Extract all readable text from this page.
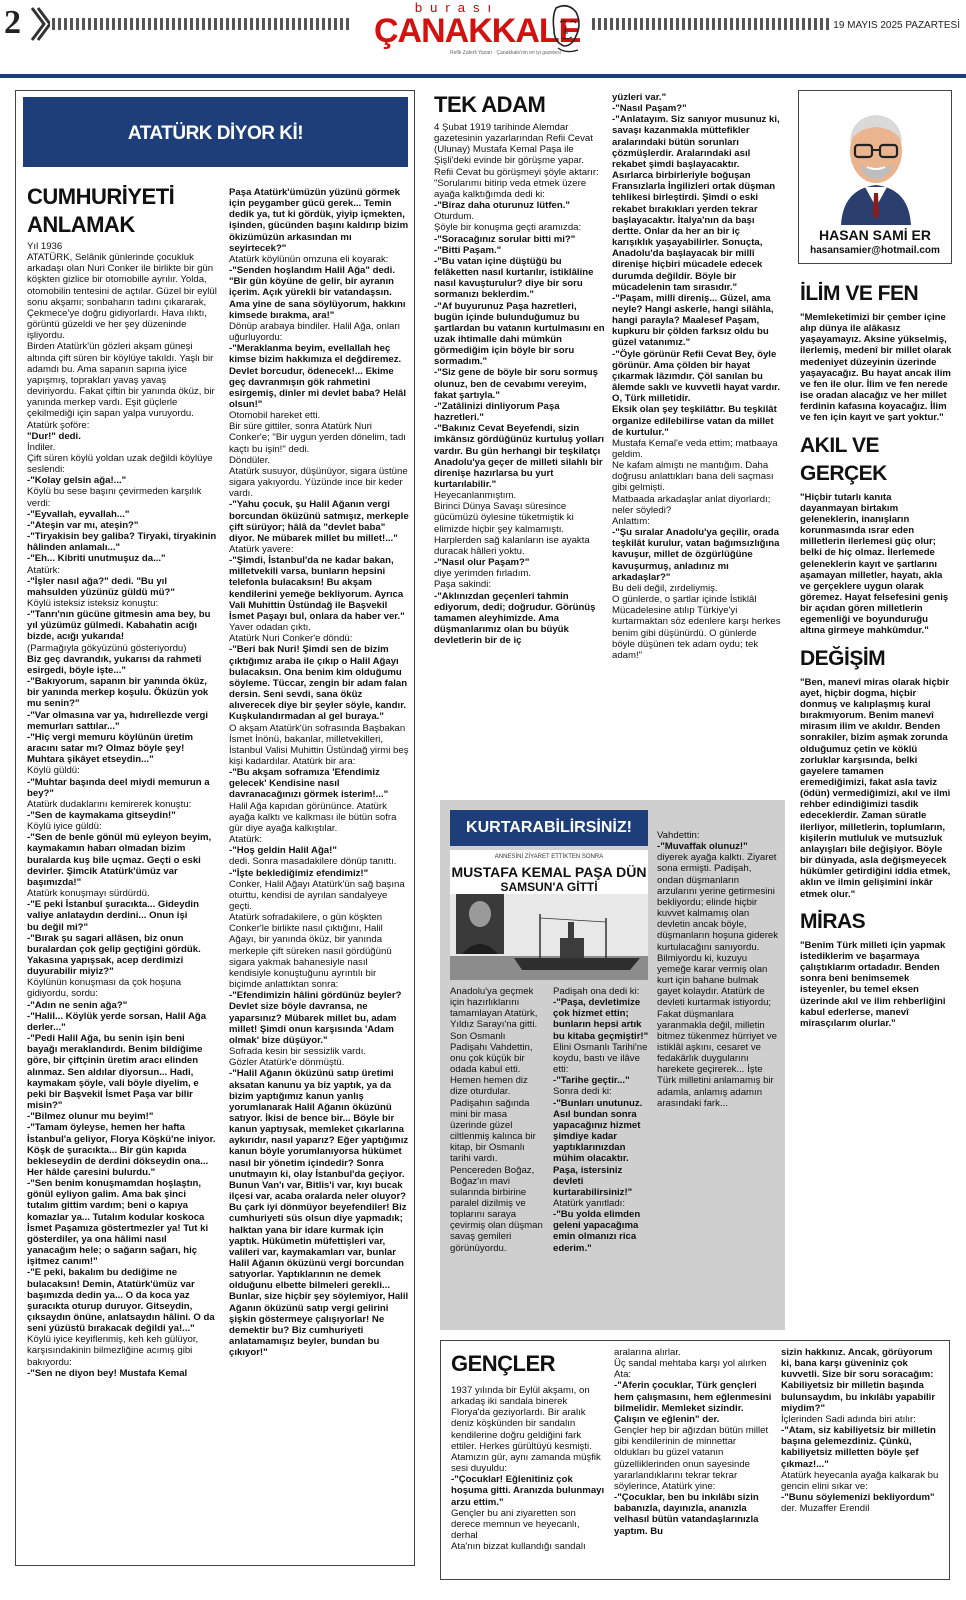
2	burası
ÇANAKKALE
Refik Zaferli Yazarı · Çanakkale'nin en iyi gazetesi
19 MAYIS 2025 PAZARTESİ
ATATÜRK DİYOR Kİ!
CUMHURİYETİ
ANLAMAK

Yıl 1936

ATATÜRK, Selânik günlerinde çocukluk arkadaşı olan Nuri Conker ile birlikte bir gün köşkten gizlice bir otomobille ayrılır. Yolda, otomobilin tentesini de açtılar. Güzel bir eylül sonu akşamı; sonbaharın tadını çıkararak, Çekmece'ye doğru gidiyorlardı. Hava ılıktı, görüntü güzeldi ve her şey düzeninde işliyordu.

Birden Atatürk'ün gözleri akşam güneşi altında çift süren bir köylüye takıldı. Yaşlı bir adamdı bu. Ama sapanın sapına iyice yapışmış, toprakları yavaş yavaş deviriyordu. Fakat çiftin bir yanında öküz, bir yanında merkep vardı. Eşit güçlerle çekilmediği için sapan yalpa vuruyordu. Atatürk şoföre:

"Dur!" dedi.

İndiler.

Çift süren köylü yoldan uzak değildi köylüye seslendi:

-"Kolay gelsin ağa!..."

Köylü bu sese başını çevirmeden karşılık verdi:

-"Eyvallah, eyvallah..."

-"Ateşin var mı, ateşin?"

-"Tiryakisin bey galiba? Tiryaki, tiryakinin hâlinden anlamalı..."

-"Eh... Kibriti unutmuşuz da..."

Atatürk:

-"İşler nasıl ağa?" dedi. "Bu yıl mahsulden yüzünüz güldü mü?"

Köylü isteksiz isteksiz konuştu:

-"Tanrı'nın gücüne gitmesin ama bey, bu yıl yüzümüz gülmedi. Kabahatin acığı bizde, acığı yukarıda!

(Parmağıyla gökyüzünü gösteriyordu)

Biz geç davrandık, yukarısı da rahmeti esirgedi, böyle işte..."

-"Bakıyorum, sapanın bir yanında öküz, bir yanında merkep koşulu. Öküzün yok mu senin?"

-"Var olmasına var ya, hıdırellezde vergi memurları sattılar..."

-"Hiç vergi memuru köylünün üretim aracını satar mı? Olmaz böyle şey! Muhtara şikâyet etseydin..."

Köylü güldü:

-"Muhtar başında deel miydi memurun a bey?"

Atatürk dudaklarını kemirerek konuştu:

-"Sen de kaymakama gitseydin!"

Köylü iyice güldü:

-"Sen de benle gönül mü eyleyon beyim, kaymakamın habarı olmadan bizim buralarda kuş bile uçmaz. Geçti o eski devirler. Şimcik Atatürk'ümüz var başımızda!"

Atatürk konuşmayı sürdürdü.

-"E peki İstanbul şuracıkta... Gideydin valiye anlataydın derdini... Onun işi

bu değil mi?"

-"Bırak şu sagari allâsen, biz onun buralardan çok gelip geçtiğini gördük.

Yakasına yapışsak, acep derdimizi duyurabilir miyiz?"

Köylünün konuşması da çok hoşuna gidiyordu, sordu:

-"Adın ne senin ağa?"

-"Halil... Köylük yerde sorsan, Halil Ağa derler..."

-"Pedi Halil Ağa, bu senin işin beni bayağı meraklandırdı. Benim bildiğime göre, bir çiftçinin üretim aracı elinden alınmaz. Sen aldılar diyorsun... Hadi, kaymakam şöyle, vali böyle diyelim, e peki bir Başvekil İsmet Paşa var bilir misin?"

-"Bilmez olunur mu beyim!"

-"Tamam öyleyse, hemen her hafta İstanbul'a geliyor, Florya Köşkü'ne iniyor. Köşk de şuracıkta... Bir gün kapıda bekleseydin de derdini dökseydin ona... Her hâlde çaresini bulurdu."

-"Sen benim konuşmamdan hoşlaştın, gönül eyliyon galim. Ama bak şinci tutalım gittim vardım; beni o kapıya komazlar ya... Tutalım kodular koskoca İsmet Paşamıza göstertmezler ya! Tut ki gösterdiler, ya ona hâlimi nasıl yanacağım hele; o sağarın sağarı, hiç işitmez canım!"

-"E peki, bakalım bu dediğime ne bulacaksın! Demin, Atatürk'ümüz var başımızda dedin ya... O da koca yaz şuracıkta oturup duruyor. Gitseydin, çıksaydın önüne, anlatsaydın hâlini. O da seni yüzüstü bırakacak değildi ya!..."

Köylü iyice keyiflenmiş, keh keh gülüyor, karşısındakinin bilmezliğine acımış gibi bakıyordu:

-"Sen ne diyon bey! Mustafa Kemal

Paşa Atatürk'ümüzün yüzünü görmek için peygamber gücü gerek... Temin dedik ya, tut ki gördük, yiyip içmekten, işinden, gücünden başını kaldırıp bizim ökizümüzün arkasından mı seyirtecek?"

Atatürk köylünün omzuna eli koyarak:

-"Senden hoşlandım Halil Ağa" dedi. "Bir gün köyüne de gelir, bir ayranın içerim. Açık yürekli bir vatandaşsın. Ama yine de sana söylüyorum, hakkını kimsede bırakma, ara!"

Dönüp arabaya bindiler. Halil Ağa, onları uğurluyordu:

-"Meraklanma beyim, evellallah heç kimse bizim hakkımıza el değdiremez. Devlet borcudur, ödenecek!... Ekime geç davranmışın gök rahmetini esirgemiş, dinler mi devlet baba? Helâl olsun!"

Otomobil hareket etti.

Bir süre gittiler, sonra Atatürk Nuri Conker'e; "Bir uygun yerden dönelim, tadı kaçtı bu işin!" dedi.

Döndüler.

Atatürk susuyor, düşünüyor, sigara üstüne sigara yakıyordu. Yüzünde ince bir keder vardı.

-"Yahu çocuk, şu Halil Ağanın vergi borcundan öküzünü satmışız, merkeple çift sürüyor; hâlâ da "devlet baba" diyor. Ne mübarek millet bu millet!..."

Atatürk yavere:

-"Şimdi, İstanbul'da ne kadar bakan, milletvekili varsa, bunların hepsini telefonla bulacaksın! Bu akşam kendilerini yemeğe bekliyorum. Ayrıca Vali Muhittin Üstündağ ile Başvekil İsmet Paşayı bul, onlara da haber ver."

Yaver odadan çıktı.

Atatürk Nuri Conker'e döndü:

-"Beri bak Nuri! Şimdi sen de bizim çıktığımız araba ile çıkıp o Halil Ağayı bulacaksın. Ona benim kim olduğumu söyleme. Tüccar, zengin bir adam falan dersin. Seni sevdi, sana öküz alıverecek diye bir şeyler söyle, kandır. Kuşkulandırmadan al gel buraya."

O akşam Atatürk'ün sofrasında Başbakan İsmet İnönü, bakanlar, milletvekilleri, İstanbul Valisi Muhittin Üstündağ yirmi beş kişi kadardılar. Atatürk bir ara:

-"Bu akşam soframıza 'Efendimiz gelecek' Kendisine nasıl davranacağınızı görmek isterim!..."

Halil Ağa kapıdan görününce. Atatürk ayağa kalktı ve kalkması ile bütün sofra gür diye ayağa kalkıştılar.

Atatürk:

-"Hoş geldin Halil Ağa!"

dedi. Sonra masadakilere dönüp tanıttı.

-"İşte beklediğimiz efendimiz!"

Conker, Halil Ağayı Atatürk'ün sağ başına oturttu, kendisi de ayrılan sandalyeye geçti.

Atatürk sofradakilere, o gün köşkten Conker'le birlikte nasıl çıktığını, Halil Ağayı, bir yanında öküz, bir yanında merkeple çift süreken nasıl gördüğünü sigara yakmak bahanesiyle nasıl kendisiyle konuştuğunu ayrıntılı bir biçimde anlattıktan sonra:

-"Efendimizin hâlini gördünüz beyler? Devlet size böyle davransa, ne yaparsınız? Mübarek millet bu, adam millet! Şimdi onun karşısında 'Adam olmak' bize düşüyor."

Sofrada kesin bir sessizlik vardı.

Gözler Atatürk'e dönmüştü.

-"Halil Ağanın öküzünü satıp üretimi aksatan kanunu ya biz yaptık, ya da bizim yaptığımız kanun yanlış yorumlanarak Halil Ağanın öküzünü satıyor. İkisi de bence bir... Böyle bir kanun yaptıysak, memleket çıkarlarına aykırıdır, nasıl yaparız? Eğer yaptığımız kanun böyle yorumlanıyorsa hükümet nasıl bir yönetim içindedir? Sonra unutmayın ki, olay İstanbul'da geçiyor. Bunun Van'ı var, Bitlis'i var, kıyı bucak ilçesi var, acaba oralarda neler oluyor? Bu çark iyi dönmüyor beyefendiler! Biz cumhuriyeti süs olsun diye yapmadık; halktan yana bir idare kurmak için yaptık. Hükümetin müfettişleri var, valileri var, kaymakamları var, bunlar Halil Ağanın öküzünü vergi borcundan satıyorlar. Yaptıklarının ne demek olduğunu elbette bilmeleri gerekli... Bunlar, size hiçbir şey söylemiyor, Halil

Ağanın öküzünü satıp vergi gelirini şişkin göstermeye çalışıyorlar! Ne demektir bu? Biz cumhuriyeti anlatamamışız beyler, bundan bu çıkıyor!"

TEK ADAM

4 Şubat 1919 tarihinde Alemdar gazetesinin yazarlarından Refii Cevat

(Ulunay) Mustafa Kemal Paşa ile Şişli'deki evinde bir görüşme yapar.

Refii Cevat bu görüşmeyi şöyle aktarır:

"Sorularımı bitirip veda etmek üzere ayağa kalktığımda dedi ki:

-"Biraz daha oturunuz lütfen."

Oturdum.

Şöyle bir konuşma geçti aramızda:

-"Soracağınız sorular bitti mi?"

-"Bitti Paşam."

-"Bu vatan içine düştüğü bu felâketten nasıl kurtarılır, istiklâline nasıl kavuşturulur? diye bir soru sormanızı beklerdim."

-"Af buyurunuz Paşa hazretleri, bugün içinde bulunduğumuz bu şartlardan bu vatanın kurtulmasını en uzak ihtimalle dahi mümkün görmediğim için böyle bir soru sormadım."

-"Siz gene de böyle bir soru sormuş olunuz, ben de cevabımı vereyim, fakat şartıyla."

-"Zatâlinizi dinliyorum Paşa hazretleri."

-"Bakınız Cevat Beyefendi, sizin imkânsız gördüğünüz kurtuluş yolları vardır. Bu gün herhangi bir teşkilatçı Anadolu'ya geçer de milleti silahlı bir direnişe hazırlarsa bu yurt kurtarılabilir."

Heyecanlanmıştım.

Birinci Dünya Savaşı süresince gücümüzü öylesine tüketmiştik ki elimizde hiçbir şey kalmamıştı. Harplerden sağ kalanların ise ayakta duracak hâlleri yoktu.

-"Nasıl olur Paşam?"

diye yerimden fırladım.

Paşa sakindi:

-"Aklınızdan geçenleri tahmin ediyorum, dedi; doğrudur. Görünüş tamamen aleyhimizde. Ama düşmanlarımız olan bu büyük devletlerin bir de iç

yüzleri var."

-"Nasıl Paşam?"

-"Anlatayım. Siz sanıyor musunuz ki, savaşı kazanmakla müttefikler aralarındaki bütün sorunları çözmüşlerdir. Aralarındaki asıl rekabet şimdi başlayacaktır. Asırlarca birbirleriyle boğuşan Fransızlarla İngilizleri ortak düşman tehlikesi birleştirdi. Şimdi o eski rekabet bırakıkları yerden tekrar başlayacaktır. İtalya'nın da başı dertte. Onlar da her an bir iç karışıklık yaşayabilirler. Sonuçta, Anadolu'da başlayacak bir millî direnişe hiçbiri mücadele edecek durumda değildir. Böyle bir mücadelenin tam sırasıdır."

-"Paşam, millî direniş... Güzel, ama neyle? Hangi askerle, hangi silâhla, hangi parayla? Maalesef Paşam, kupkuru bir çölden farksız oldu bu güzel vatanımız."

-"Öyle görünür Refii Cevat Bey, öyle görünür. Ama çölden bir hayat çıkarmak lâzımdır. Çöl sanılan bu âlemde saklı ve kuvvetli hayat vardır. O, Türk milletidir.

Eksik olan şey teşkilâttır. Bu teşkilât organize edilebilirse vatan da millet de kurtulur."

Mustafa Kemal'e veda ettim; matbaaya geldim.

Ne kafam almıştı ne mantığım. Daha doğrusu anlattıkları bana deli saçması gibi gelmişti.

Matbaada arkadaşlar anlat diyorlardı; neler söyledi?

Anlattım:

-"Şu sıralar Anadolu'ya geçilir, orada teşkilât kurulur, vatan bağımsızlığına kavuşur, millet de özgürlüğüne kavuşurmuş, anladınız mı arkadaşlar?"

Bu deli değil, zırdeliymiş.

O günlerde, o şartlar içinde İstiklâl Mücadelesine atılıp Türkiye'yi kurtarmaktan söz edenlere karşı herkes benim gibi düşünürdü. O günlerde böyle düşünen tek adam oydu; tek adam!"

HASAN SAMİ ER
hasansamier@hotmail.com
İLİM VE FEN

"Memleketimizi bir çember içine alıp dünya ile alâkasız yaşayamayız. Aksine yükselmiş, ilerlemiş, medenî bir millet olarak medeniyet düzeyinin üzerinde yaşayacağız. Bu hayat ancak ilim ve fen ile olur. İlim ve fen nerede ise oradan alacağız ve her millet ferdinin kafasına koyacağız. İlim ve fen için kayıt ve şart yoktur."

AKIL VE GERÇEK

"Hiçbir tutarlı kanıta dayanmayan birtakım geleneklerin, inanışların korunmasında ısrar eden milletlerin ilerlemesi güç olur; belki de hiç olmaz. İlerlemede geleneklerin kayıt ve şartlarını aşamayan milletler, hayatı, akla ve gerçeklere uygun olarak göremez. Hayat felsefesini geniş bir açıdan gören milletlerin egemenliği ve boyunduruğu altına girmeye mahkûmdur."

DEĞİŞİM

"Ben, manevî miras olarak hiçbir ayet, hiçbir dogma, hiçbir donmuş ve kalıplaşmış kural bırakmıyorum. Benim manevî mirasım ilim ve akıldır. Benden sonrakiler, bizim aşmak zorunda olduğumuz çetin ve köklü zorluklar karşısında, belki gayelere tamamen eremediğimizi, fakat asla taviz (ödün) vermediğimizi, akıl ve ilmi rehber edindiğimizi tasdik edeceklerdir. Zaman süratle ilerliyor, milletlerin, toplumların, kişilerin mutluluk ve mutsuzluk anlayışları bile değişiyor. Böyle bir dünyada, asla değişmeyecek hükümler getirdiğini iddia etmek, aklın ve ilmin gelişimini inkâr etmek olur."

MİRAS

"Benim Türk milleti için yapmak istediklerim ve başarmaya çalıştıklarım ortadadır. Benden sonra beni benimsemek isteyenler, bu temel eksen üzerinde akıl ve ilim rehberliğini kabul ederlerse, manevî mirasçılarım olurlar."

KURTARABİLİRSİNİZ!
ANNESİNİ ZİYARET ETTİKTEN SONRA
MUSTAFA KEMAL PAŞA DÜN
SAMSUN'A GİTTİ

Anadolu'ya geçmek için hazırlıklarını tamamlayan Atatürk, Yıldız Sarayı'na gitti. Son Osmanlı Padişahı Vahdettin, onu çok küçük bir odada kabul etti. Hemen hemen diz dize oturdular. Padişahın sağında mini bir masa üzerinde güzel ciltlenmiş kalınca bir kitap, bir Osmanlı tarihi vardı. Pencereden Boğaz, Boğaz'ın mavi sularında birbirine paralel dizilmiş ve toplarını saraya çevirmiş olan düşman savaş gemileri görünüyordu.

Padişah ona dedi ki:

-"Paşa, devletimize çok hizmet ettin; bunların hepsi artık bu kitaba geçmiştir!"

Elini Osmanlı Tarihi'ne koydu, bastı ve ilâve etti:

-"Tarihe geçtir..."

Sonra dedi ki:

-"Bunları unutunuz. Asıl bundan sonra yapacağınız hizmet şimdiye kadar yaptıklarınızdan mühim olacaktır. Paşa, istersiniz devleti kurtarabilirsiniz!"

Atatürk yanıtladı:

-"Bu yolda elimden geleni yapacağıma emin olmanızı rica ederim."

Vahdettin:

-"Muvaffak olunuz!"

diyerek ayağa kalktı. Ziyaret sona ermişti. Padişah, ondan düşmanların arzularını yerine getirmesini bekliyordu; elinde hiçbir kuvvet kalmamış olan devletin ancak böyle, düşmanların hoşuna giderek kurtulacağını sanıyordu. Bilmiyordu ki, kuzuyu yemeğe karar vermiş olan kurt için bahane bulmak gayet kolaydır. Atatürk de devleti kurtarmak istiyordu; Fakat düşmanlara yaranmakla değil, milletin bitmez tükenmez hürriyet ve istiklâl aşkını, cesaret ve fedakârlık duygularını harekete geçirerek... İşte Türk milletini anlamamış bir adamla, anlamış adamın arasındaki fark...

GENÇLER

1937 yılında bir Eylül akşamı, on arkadaş iki sandala binerek Florya'da geziyorlardı. Bir aralık deniz köşkünden bir sandalın kendilerine doğru geldiğini fark ettiler. Herkes gürültüyü kesmişti. Atamızın gür, aynı zamanda müşfik sesi duyuldu:

-"Çocuklar! Eğlenitiniz çok hoşuma gitti. Aranızda bulunmayı arzu ettim."

Gençler bu ani ziyaretten son derece memnun ve heyecanlı, derhal

Ata'nın bizzat kullandığı sandalı

aralarına alırlar.

Üç sandal mehtaba karşı yol alırken Ata:

-"Aferin çocuklar, Türk gençleri hem çalışmasını, hem eğlenmesini bilmelidir. Memleket sizindir. Çalışın ve eğlenin" der.

Gençler hep bir ağızdan bütün millet gibi kendilerinin de minnettar oldukları bu güzel vatanın güzelliklerinden onun sayesinde yararlandıklarını tekrar tekrar söylerince, Atatürk yine:

-"Çocuklar, ben bu inkılâbı sizin babanızla, dayınızla, ananızla velhasıl bütün vatandaşlarınızla yaptım. Bu

sizin hakkınız. Ancak, görüyorum ki, bana karşı güveniniz çok kuvvetli. Size bir soru soracağım: Kabiliyetsiz bir milletin başında bulunsaydım, bu inkılâbı yapabilir miydim?"

İçlerinden Sadi adında biri atılır:

-"Atam, siz kabiliyetsiz bir milletin başına gelemezdiniz. Çünkü, kabiliyetsiz milletten böyle şef çıkmaz!..."

Atatürk heyecanla ayağa kalkarak bu gencin elini sıkar ve:

-"Bunu söylemenizi bekliyordum"

der. Muzaffer Erendil
